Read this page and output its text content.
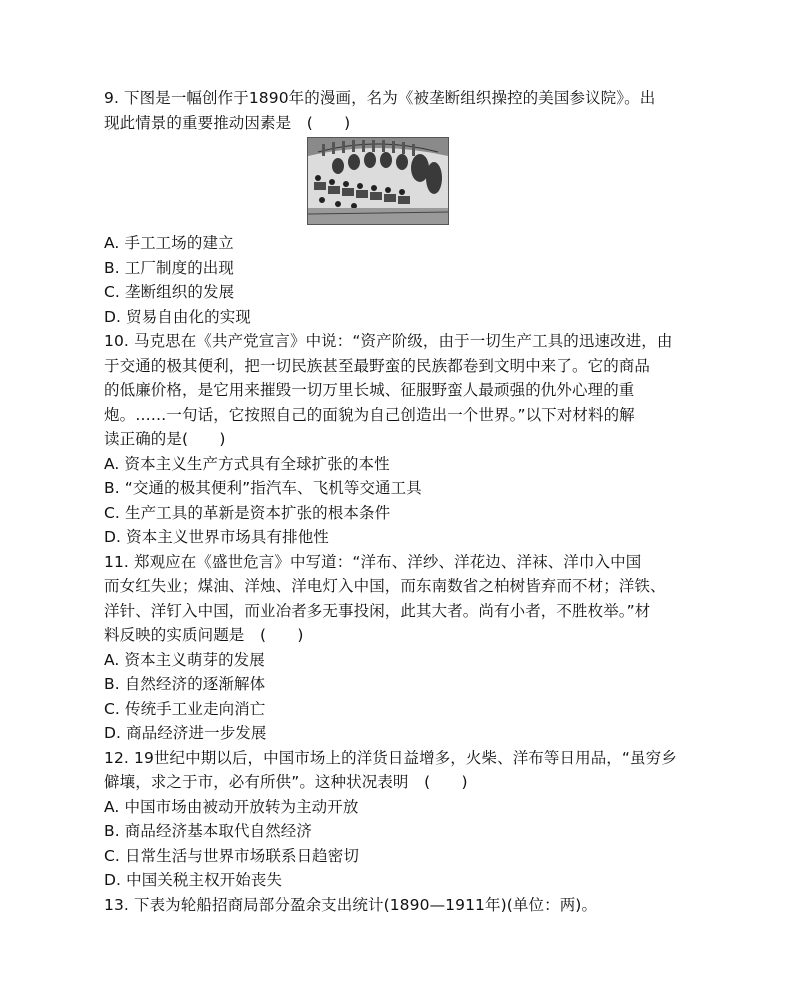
9. 下图是一幅创作于1890年的漫画，名为《被垄断组织操控的美国参议院》。出
现此情景的重要推动因素是　(　　)
A. 手工工场的建立
B. 工厂制度的出现
C. 垄断组织的发展
D. 贸易自由化的实现
10. 马克思在《共产党宣言》中说：“资产阶级，由于一切生产工具的迅速改进，由
于交通的极其便利，把一切民族甚至最野蛮的民族都卷到文明中来了。它的商品
的低廉价格，是它用来摧毁一切万里长城、征服野蛮人最顽强的仇外心理的重
炮。……一句话，它按照自己的面貌为自己创造出一个世界。”以下对材料的解
读正确的是(　　)
A. 资本主义生产方式具有全球扩张的本性
B. “交通的极其便利”指汽车、飞机等交通工具
C. 生产工具的革新是资本扩张的根本条件
D. 资本主义世界市场具有排他性
11. 郑观应在《盛世危言》中写道：“洋布、洋纱、洋花边、洋袜、洋巾入中国
而女红失业；煤油、洋烛、洋电灯入中国，而东南数省之柏树皆弃而不材；洋铁、
洋针、洋钉入中国，而业冶者多无事投闲，此其大者。尚有小者，不胜枚举。”材
料反映的实质问题是　(　　)
A. 资本主义萌芽的发展
B. 自然经济的逐渐解体
C. 传统手工业走向消亡
D. 商品经济进一步发展
12. 19世纪中期以后，中国市场上的洋货日益增多，火柴、洋布等日用品，“虽穷乡
僻壤，求之于市，必有所供”。这种状况表明　(　　)
A. 中国市场由被动开放转为主动开放
B. 商品经济基本取代自然经济
C. 日常生活与世界市场联系日趋密切
D. 中国关税主权开始丧失
13. 下表为轮船招商局部分盈余支出统计(1890—1911年)(单位：两)。
